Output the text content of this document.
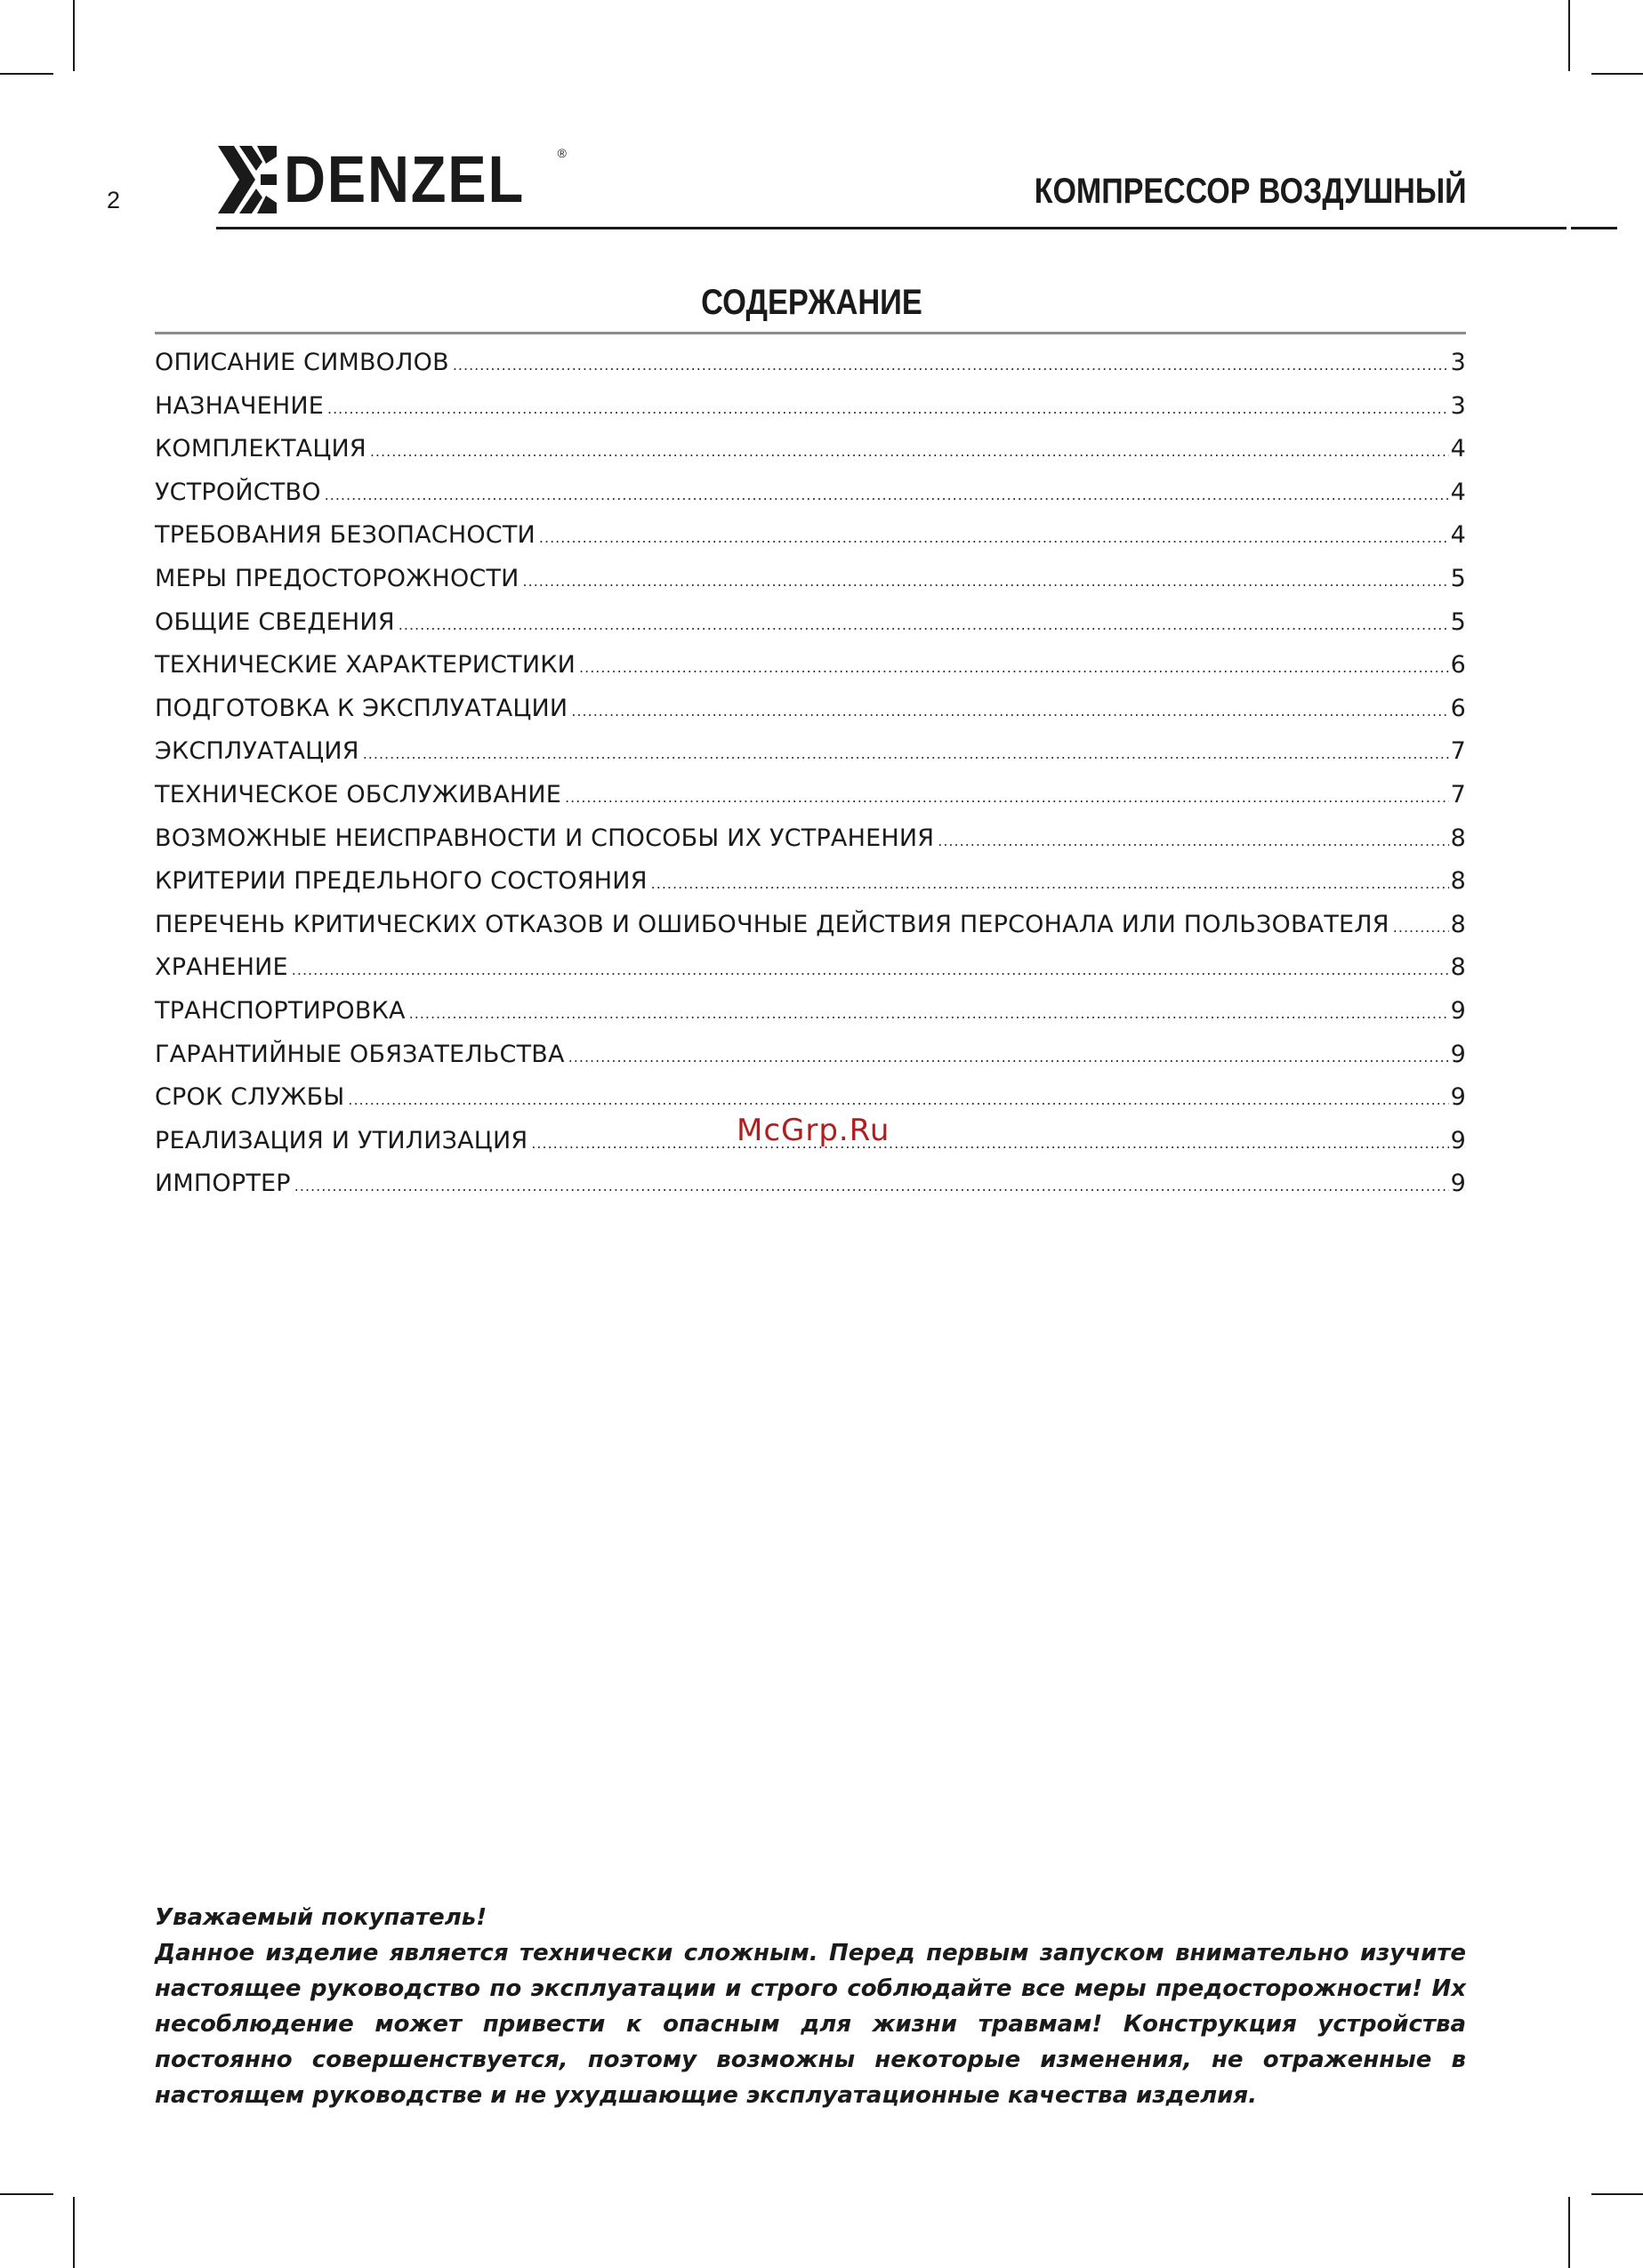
2 DENZEL	®
КОМПРЕССОР ВОЗДУШНЫЙ
СОДЕРЖАНИЕ
ОПИСАНИЕ СИМВОЛОВ .....	3
НАЗНАЧЕНИЕ .....	3
КОМПЛЕКТАЦИЯ .....	4
УСТРОЙСТВО .....	4
ТРЕБОВАНИЯ БЕЗОПАСНОСТИ .....	4
МЕРЫ ПРЕДОСТОРОЖНОСТИ .....	5
ОБЩИЕ СВЕДЕНИЯ .....	5
ТЕХНИЧЕСКИЕ ХАРАКТЕРИСТИКИ .....	6
ПОДГОТОВКА К ЭКСПЛУАТАЦИИ .....	6
ЭКСПЛУАТАЦИЯ .....	7
ТЕХНИЧЕСКОЕ ОБСЛУЖИВАНИЕ .....	7
ВОЗМОЖНЫЕ НЕИСПРАВНОСТИ И СПОСОБЫ ИХ УСТРАНЕНИЯ .....	8
КРИТЕРИИ ПРЕДЕЛЬНОГО СОСТОЯНИЯ .....	8
ПЕРЕЧЕНЬ КРИТИЧЕСКИХ ОТКАЗОВ И ОШИБОЧНЫЕ ДЕЙСТВИЯ ПЕРСОНАЛА ИЛИ ПОЛЬЗОВАТЕЛЯ .....	8
ХРАНЕНИЕ .....	8
ТРАНСПОРТИРОВКА .....	9
ГАРАНТИЙНЫЕ ОБЯЗАТЕЛЬСТВА .....	9
СРОК СЛУЖБЫ .....	9
РЕАЛИЗАЦИЯ И УТИЛИЗАЦИЯ .....	9
ИМПОРТЕР .....	9
McGrp.Ru

Уважаемый покупатель!

Данное изделие является технически сложным. Перед первым запуском внимательно изучите настоящее руководство по эксплуатации и строго соблюдайте все меры предосторожности! Их несоблюдение может привести к опасным для жизни травмам! Конструкция устройства постоянно совершенствуется, поэтому возможны некоторые изменения, не отраженные в настоящем руководстве и не ухудшающие эксплуатационные качества изделия.
